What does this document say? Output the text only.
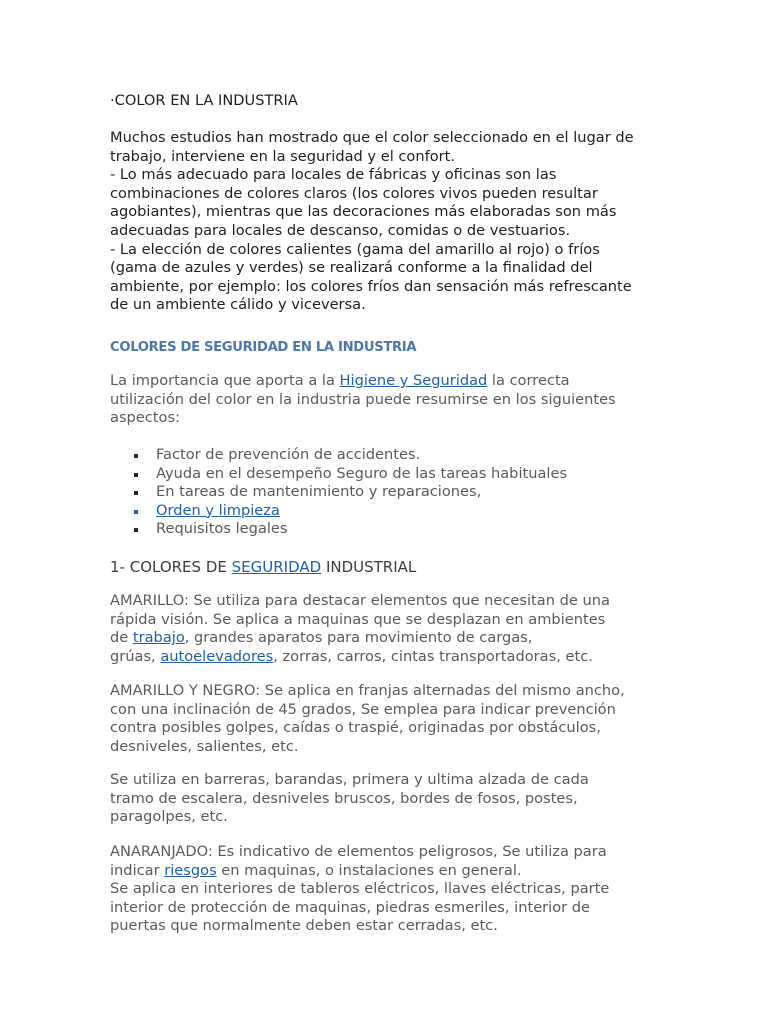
·COLOR EN LA INDUSTRIA

Muchos estudios han mostrado que el color seleccionado en el lugar de

trabajo, interviene en la seguridad y el confort.

- Lo más adecuado para locales de fábricas y oficinas son las

combinaciones de colores claros (los colores vivos pueden resultar

agobiantes), mientras que las decoraciones más elaboradas son más

adecuadas para locales de descanso, comidas o de vestuarios.

- La elección de colores calientes (gama del amarillo al rojo) o fríos

(gama de azules y verdes) se realizará conforme a la finalidad del

ambiente, por ejemplo: los colores fríos dan sensación más refrescante

de un ambiente cálido y viceversa.

COLORES DE SEGURIDAD EN LA INDUSTRIA

La importancia que aporta a la Higiene y Seguridad la correcta

utilización del color en la industria puede resumirse en los siguientes

aspectos:

Factor de prevención de accidentes.
Ayuda en el desempeño Seguro de las tareas habituales
En tareas de mantenimiento y reparaciones,
Orden y limpieza
Requisitos legales
1- COLORES DE SEGURIDAD INDUSTRIAL

AMARILLO: Se utiliza para destacar elementos que necesitan de una

rápida visión. Se aplica a maquinas que se desplazan en ambientes

de trabajo, grandes aparatos para movimiento de cargas,

grúas, autoelevadores, zorras, carros, cintas transportadoras, etc.

AMARILLO Y NEGRO: Se aplica en franjas alternadas del mismo ancho,

con una inclinación de 45 grados, Se emplea para indicar prevención

contra posibles golpes, caídas o traspié, originadas por obstáculos,

desniveles, salientes, etc.

Se utiliza en barreras, barandas, primera y ultima alzada de cada

tramo de escalera, desniveles bruscos, bordes de fosos, postes,

paragolpes, etc.

ANARANJADO: Es indicativo de elementos peligrosos, Se utiliza para

indicar riesgos en maquinas, o instalaciones en general.

Se aplica en interiores de tableros eléctricos, llaves eléctricas, parte

interior de protección de maquinas, piedras esmeriles, interior de

puertas que normalmente deben estar cerradas, etc.
